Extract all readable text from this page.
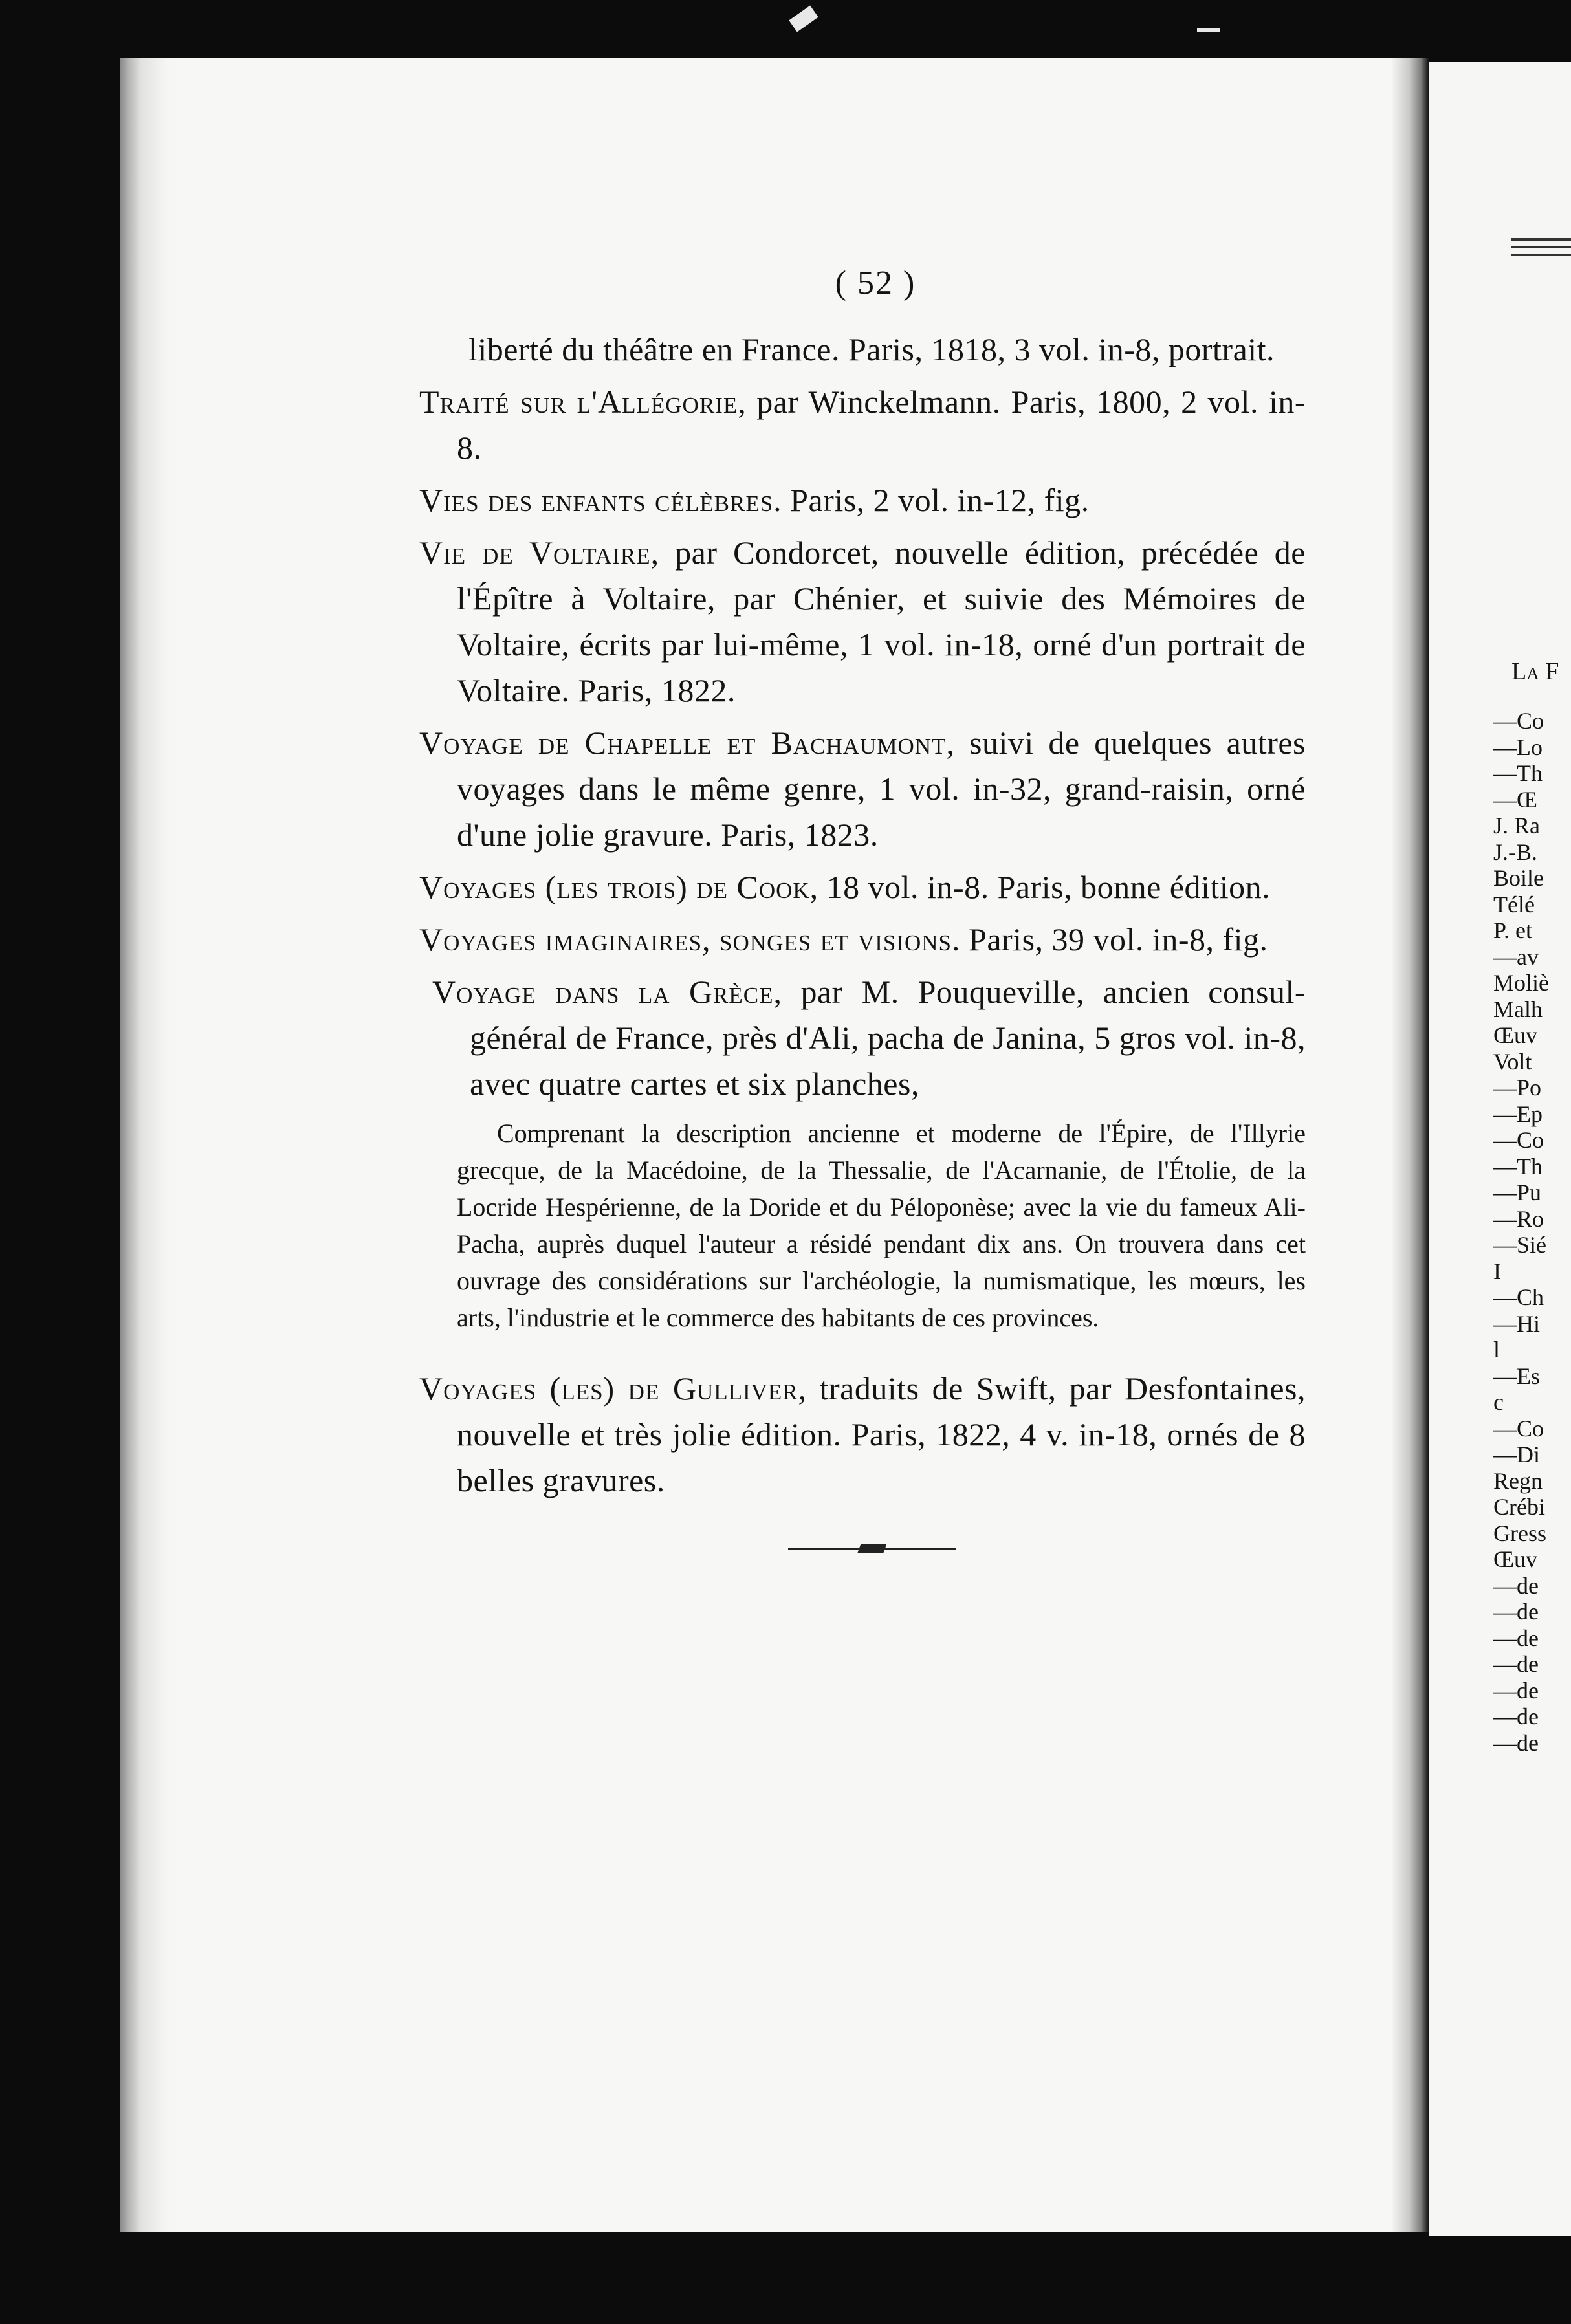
La F
—Co
—Lo
—Th
—Œ
J. Ra
J.-B.
Boile
Télé
P. et
—av
Moliè
Malh
Œuv
Volt
—Po
—Ep
—Co
—Th
—Pu
—Ro
—Sié
I
—Ch
—Hi
l
—Es
c
—Co
—Di
Regn
Crébi
Gress
Œuv
—de
—de
—de
—de
—de
—de
—de
( 52 )

liberté du théâtre en France. Paris, 1818, 3 vol. in-8, portrait.

Traité sur l'Allégorie, par Winckelmann. Paris, 1800, 2 vol. in-8.

Vies des enfants célèbres. Paris, 2 vol. in-12, fig.

Vie de Voltaire, par Condorcet, nouvelle édition, précédée de l'Épître à Voltaire, par Chénier, et suivie des Mémoires de Voltaire, écrits par lui-même, 1 vol. in-18, orné d'un portrait de Voltaire. Paris, 1822.

Voyage de Chapelle et Bachaumont, suivi de quelques autres voyages dans le même genre, 1 vol. in-32, grand-raisin, orné d'une jolie gravure. Paris, 1823.

Voyages (les trois) de Cook, 18 vol. in-8. Paris, bonne édition.

Voyages imaginaires, songes et visions. Paris, 39 vol. in-8, fig.

Voyage dans la Grèce, par M. Pouqueville, ancien consul-général de France, près d'Ali, pacha de Janina, 5 gros vol. in-8, avec quatre cartes et six planches,

Comprenant la description ancienne et moderne de l'Épire, de l'Illyrie grecque, de la Macédoine, de la Thessalie, de l'Acarnanie, de l'Étolie, de la Locride Hespérienne, de la Doride et du Péloponèse; avec la vie du fameux Ali-Pacha, auprès duquel l'auteur a résidé pendant dix ans. On trouvera dans cet ouvrage des considérations sur l'archéologie, la numismatique, les mœurs, les arts, l'industrie et le commerce des habitants de ces provinces.

Voyages (les) de Gulliver, traduits de Swift, par Desfontaines, nouvelle et très jolie édition. Paris, 1822, 4 v. in-18, ornés de 8 belles gravures.
